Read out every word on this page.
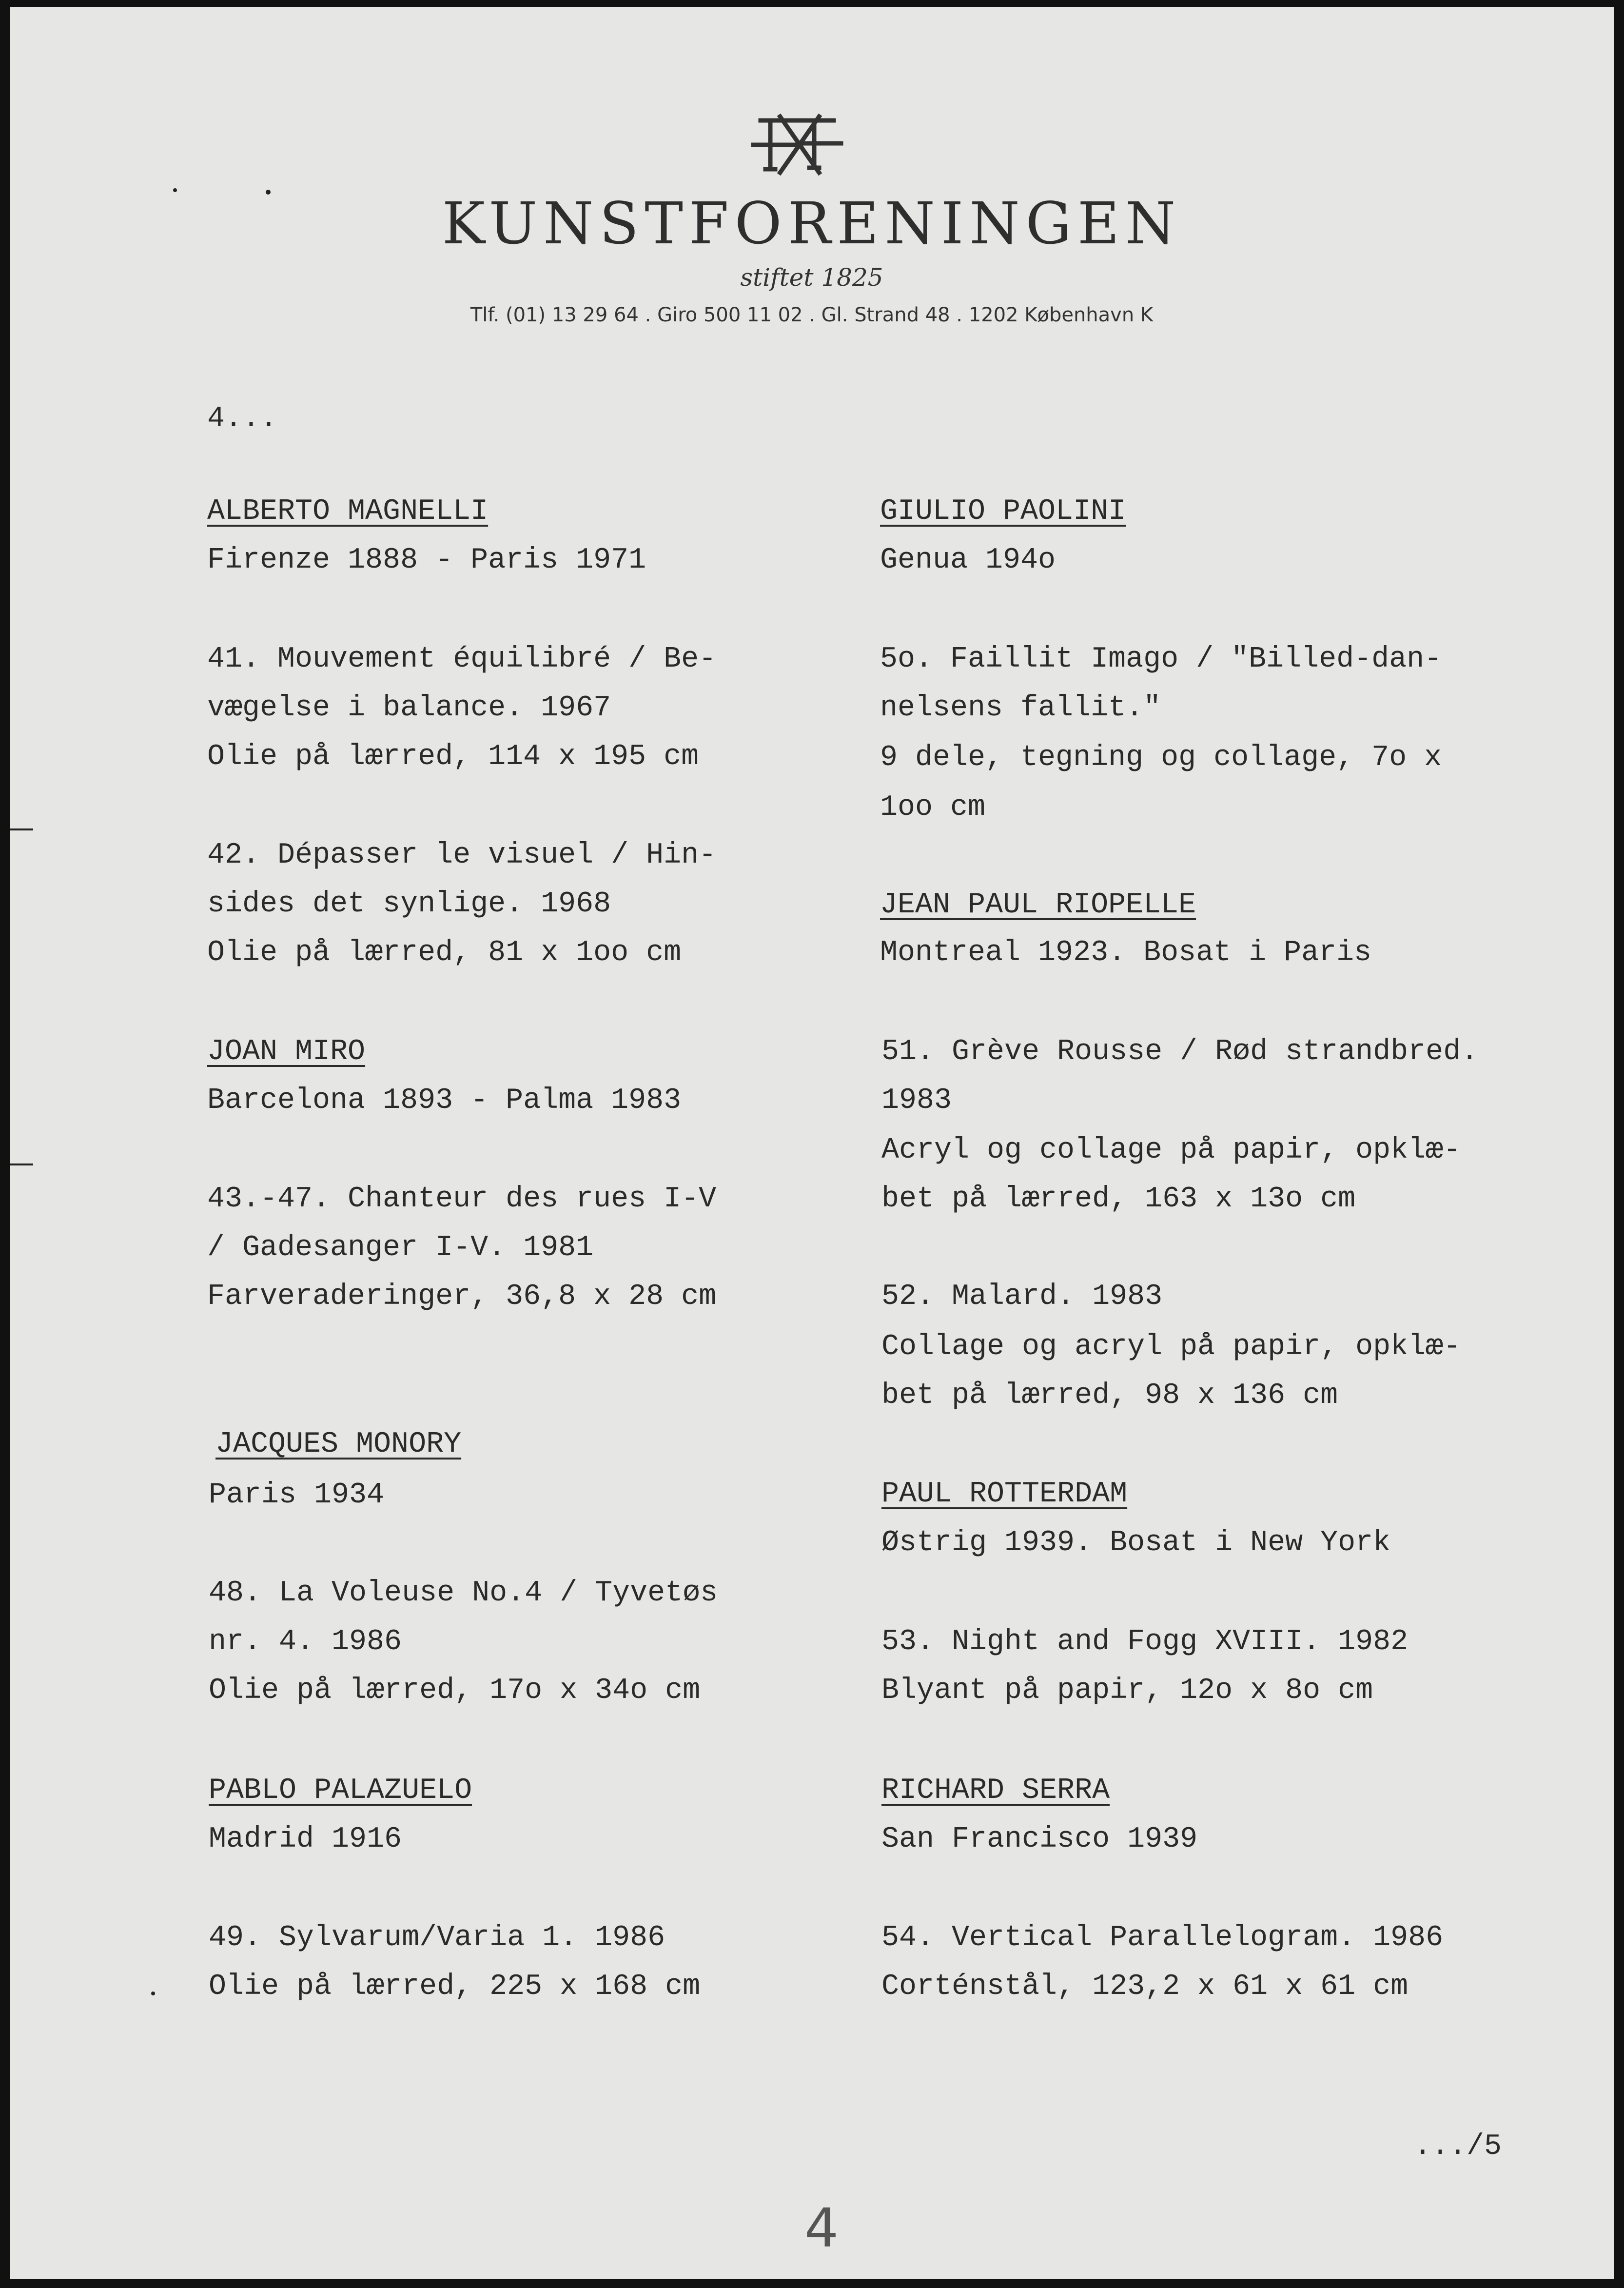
KUNSTFORENINGEN
stiftet 1825
Tlf. (01) 13 29 64 . Giro 500 11 02 . Gl. Strand 48 . 1202 København K
4...
ALBERTO MAGNELLI
Firenze 1888 - Paris 1971
41. Mouvement équilibré / Be-
vægelse i balance. 1967
Olie på lærred, 114 x 195 cm
42. Dépasser le visuel / Hin-
sides det synlige. 1968
Olie på lærred, 81 x 1oo cm
JOAN MIRO
Barcelona 1893 - Palma 1983
43.-47. Chanteur des rues I-V
/ Gadesanger I-V. 1981
Farveraderinger, 36,8 x 28 cm
JACQUES MONORY
Paris 1934
48. La Voleuse No.4 / Tyvetøs
nr. 4. 1986
Olie på lærred, 17o x 34o cm
PABLO PALAZUELO
Madrid 1916
49. Sylvarum/Varia 1. 1986
Olie på lærred, 225 x 168 cm
GIULIO PAOLINI
Genua 194o
5o. Faillit Imago / "Billed-dan-
nelsens fallit."
9 dele, tegning og collage, 7o x
1oo cm
JEAN PAUL RIOPELLE
Montreal 1923. Bosat i Paris
51. Grève Rousse / Rød strandbred.
1983
Acryl og collage på papir, opklæ-
bet på lærred, 163 x 13o cm
52. Malard. 1983
Collage og acryl på papir, opklæ-
bet på lærred, 98 x 136 cm
PAUL ROTTERDAM
Østrig 1939. Bosat i New York
53. Night and Fogg XVIII. 1982
Blyant på papir, 12o x 8o cm
RICHARD SERRA
San Francisco 1939
54. Vertical Parallelogram. 1986
Corténstål, 123,2 x 61 x 61 cm
.../5
4
